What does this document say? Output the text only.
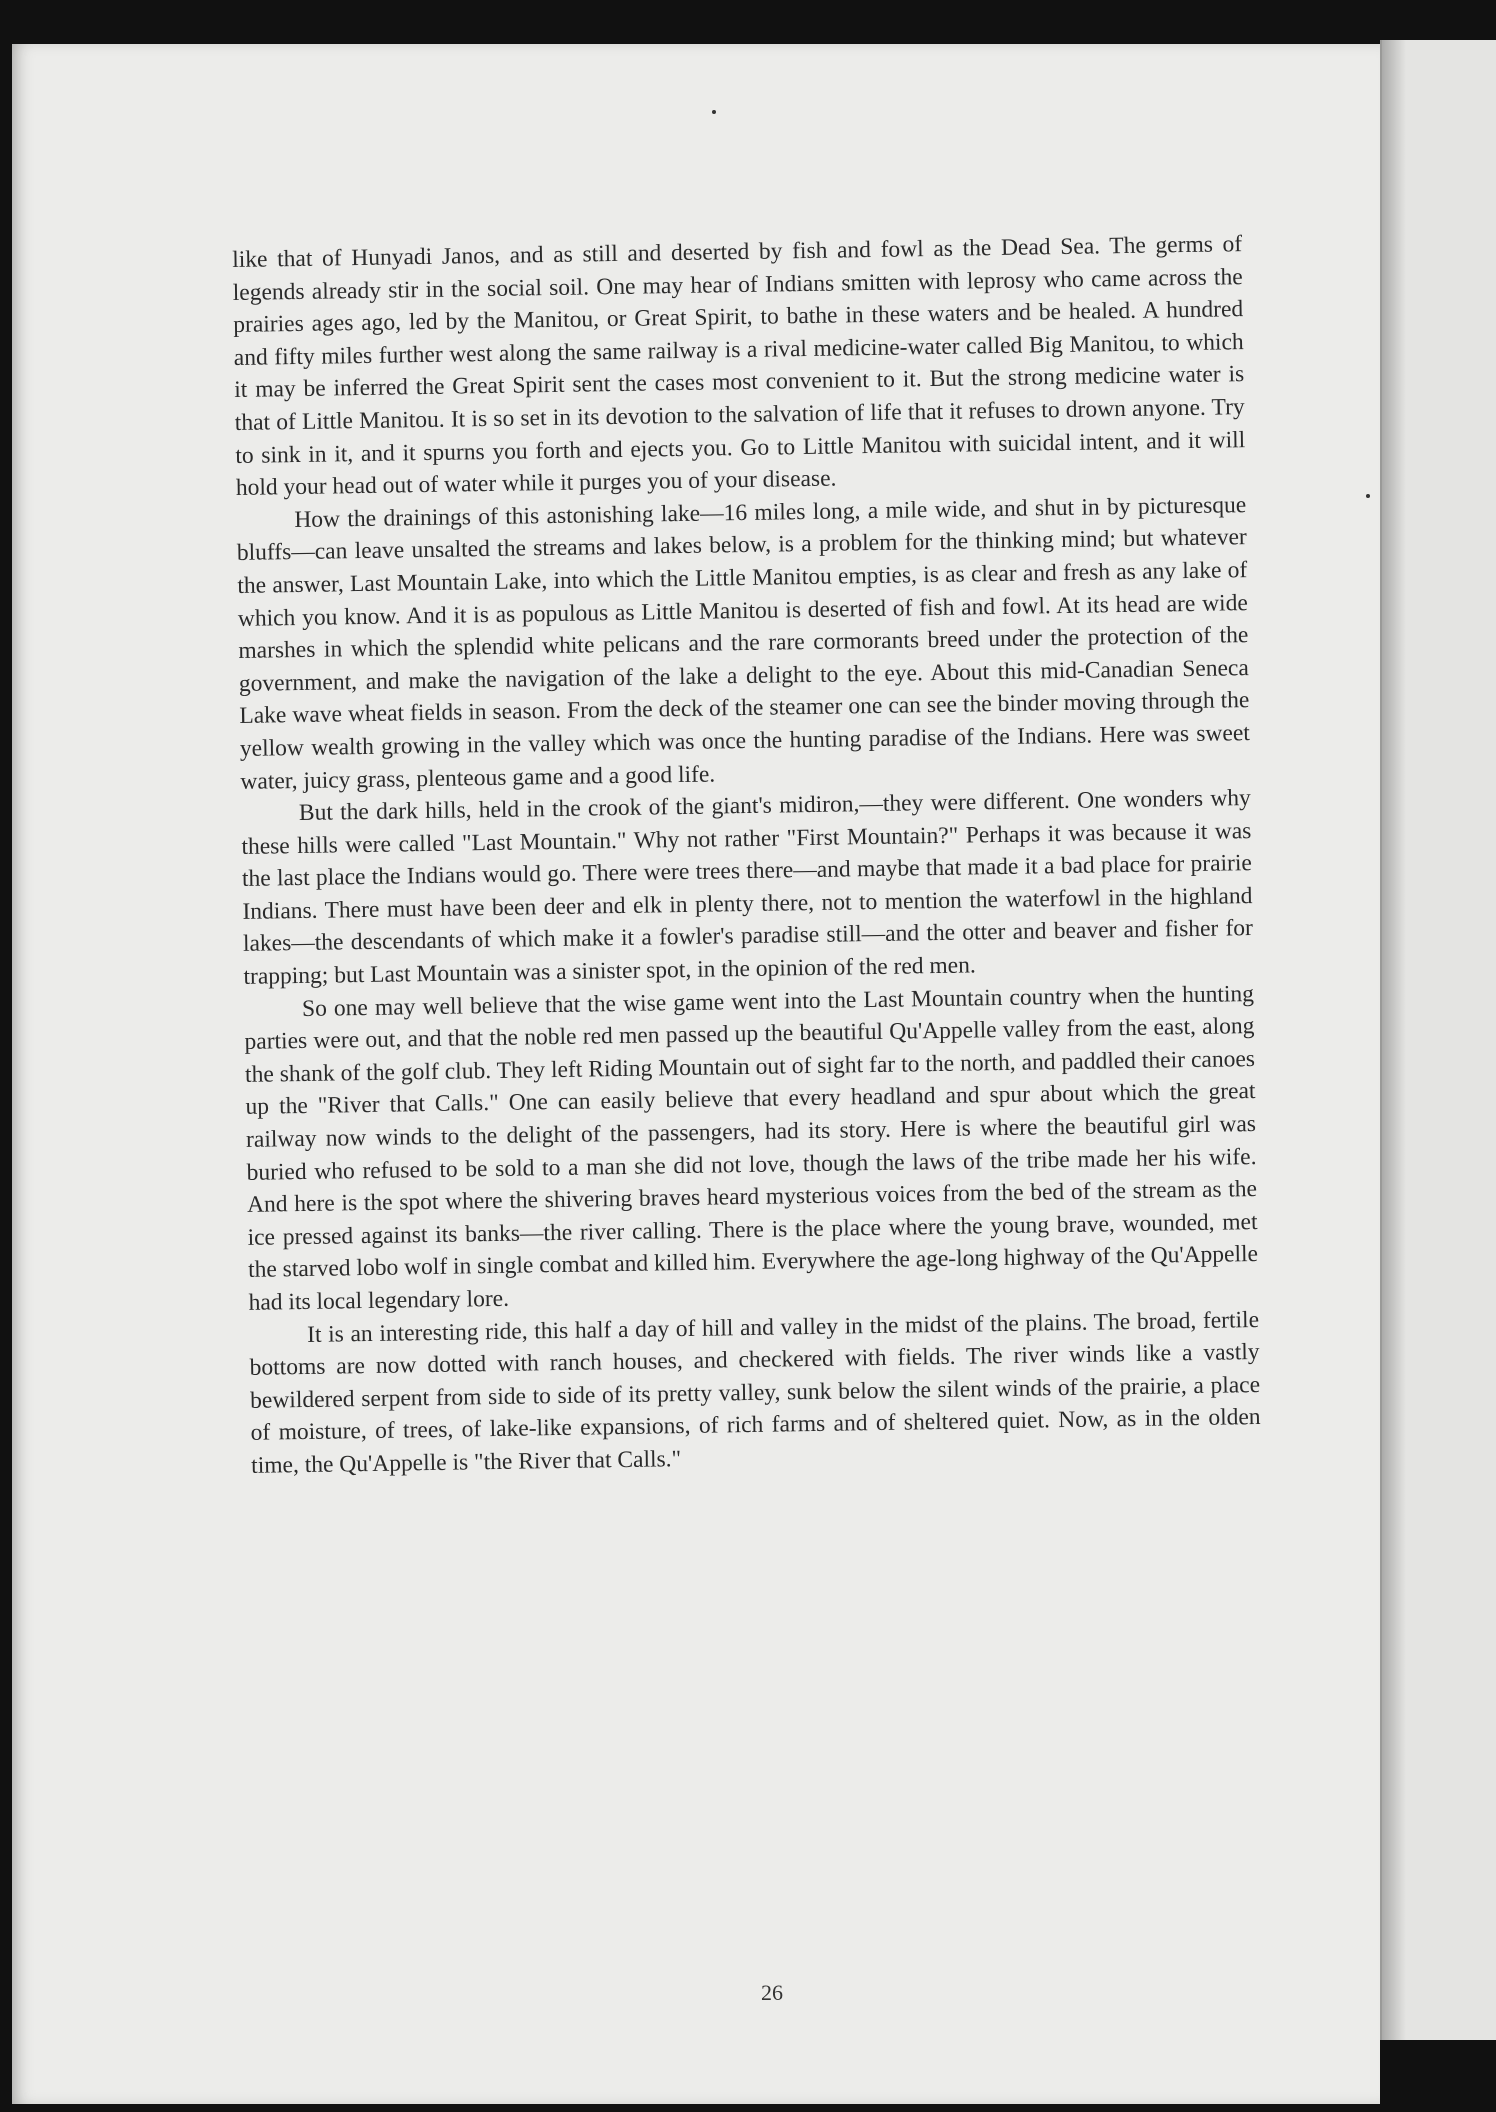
26

like that of Hunyadi Janos, and as still and deserted by fish and fowl as the Dead Sea. The germs of legends already stir in the social soil. One may hear of Indians smitten with leprosy who came across the prairies ages ago, led by the Manitou, or Great Spirit, to bathe in these waters and be healed. A hundred and fifty miles further west along the same railway is a rival medicine-water called Big Manitou, to which it may be inferred the Great Spirit sent the cases most convenient to it. But the strong medicine water is that of Little Manitou. It is so set in its devotion to the salvation of life that it refuses to drown anyone. Try to sink in it, and it spurns you forth and ejects you. Go to Little Manitou with suicidal intent, and it will hold your head out of water while it purges you of your disease.

How the drainings of this astonishing lake—16 miles long, a mile wide, and shut in by picturesque bluffs—can leave unsalted the streams and lakes below, is a problem for the thinking mind; but whatever the answer, Last Mountain Lake, into which the Little Manitou empties, is as clear and fresh as any lake of which you know. And it is as populous as Little Manitou is deserted of fish and fowl. At its head are wide marshes in which the splendid white pelicans and the rare cormorants breed under the protection of the government, and make the navigation of the lake a delight to the eye. About this mid-Canadian Seneca Lake wave wheat fields in season. From the deck of the steamer one can see the binder moving through the yellow wealth growing in the valley which was once the hunting paradise of the Indians. Here was sweet water, juicy grass, plenteous game and a good life.

But the dark hills, held in the crook of the giant's midiron,—they were different. One wonders why these hills were called "Last Mountain." Why not rather "First Mountain?" Perhaps it was because it was the last place the Indians would go. There were trees there—and maybe that made it a bad place for prairie Indians. There must have been deer and elk in plenty there, not to mention the waterfowl in the highland lakes—the descendants of which make it a fowler's paradise still—and the otter and beaver and fisher for trapping; but Last Mountain was a sinister spot, in the opinion of the red men.

So one may well believe that the wise game went into the Last Mountain country when the hunting parties were out, and that the noble red men passed up the beautiful Qu'Appelle valley from the east, along the shank of the golf club. They left Riding Mountain out of sight far to the north, and paddled their canoes up the "River that Calls." One can easily believe that every headland and spur about which the great railway now winds to the delight of the passengers, had its story. Here is where the beautiful girl was buried who refused to be sold to a man she did not love, though the laws of the tribe made her his wife. And here is the spot where the shivering braves heard mysterious voices from the bed of the stream as the ice pressed against its banks—the river calling. There is the place where the young brave, wounded, met the starved lobo wolf in single combat and killed him. Everywhere the age-long highway of the Qu'Appelle had its local legendary lore.

It is an interesting ride, this half a day of hill and valley in the midst of the plains. The broad, fertile bottoms are now dotted with ranch houses, and checkered with fields. The river winds like a vastly bewildered serpent from side to side of its pretty valley, sunk below the silent winds of the prairie, a place of moisture, of trees, of lake-like expansions, of rich farms and of sheltered quiet. Now, as in the olden time, the Qu'Appelle is "the River that Calls."
